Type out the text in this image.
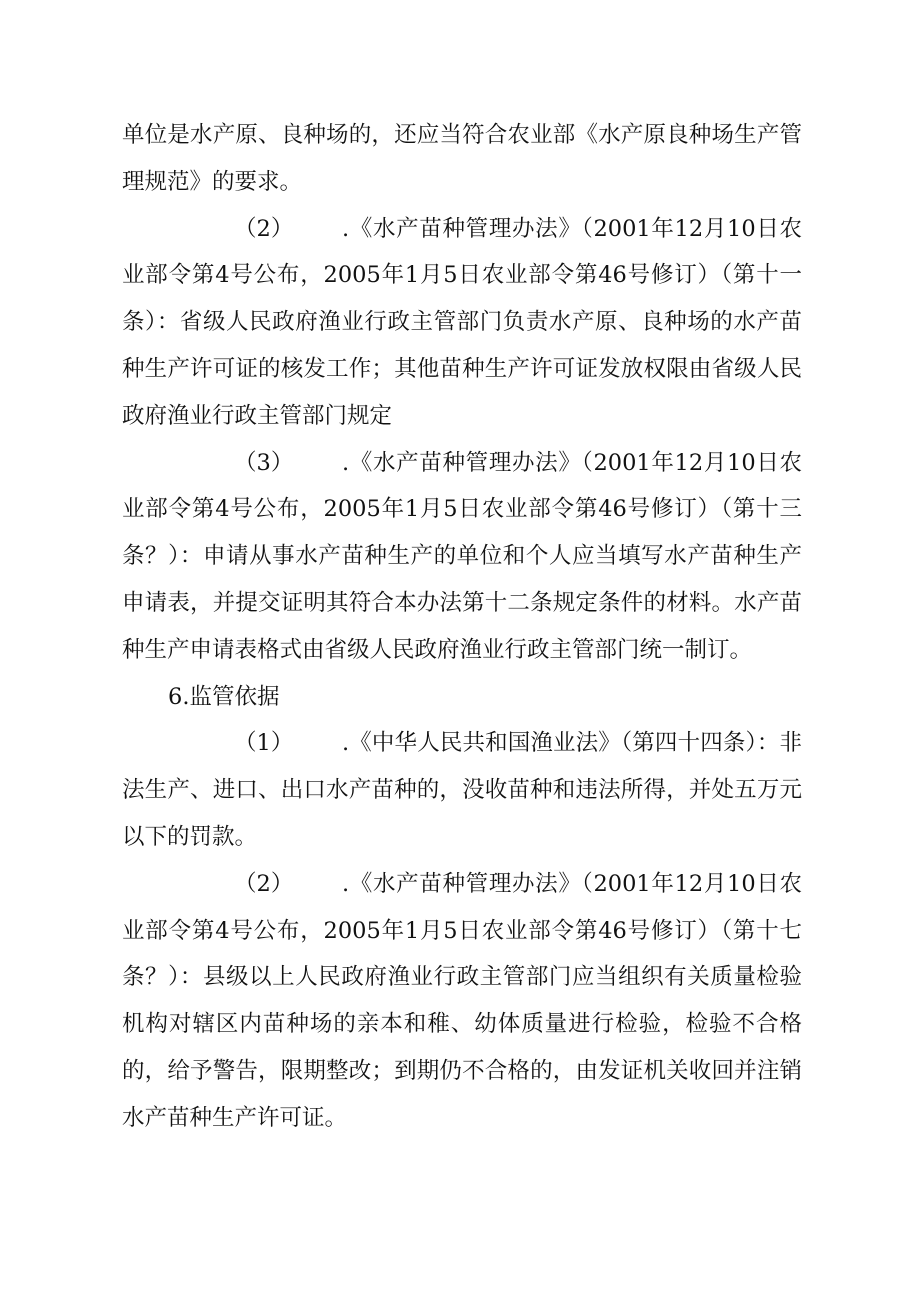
单位是水产原、良种场的，还应当符合农业部《水产原良种场生产管理规范》的要求。

（2） .《水产苗种管理办法》（2001年12月10日农业部令第4号公布，2005年1月5日农业部令第46号修订）（第十一条）：省级人民政府渔业行政主管部门负责水产原、良种场的水产苗种生产许可证的核发工作；其他苗种生产许可证发放权限由省级人民政府渔业行政主管部门规定

（3） .《水产苗种管理办法》（2001年12月10日农业部令第4号公布，2005年1月5日农业部令第46号修订）（第十三条？）：申请从事水产苗种生产的单位和个人应当填写水产苗种生产申请表，并提交证明其符合本办法第十二条规定条件的材料。水产苗种生产申请表格式由省级人民政府渔业行政主管部门统一制订。

6.监管依据

（1） .《中华人民共和国渔业法》（第四十四条）：非法生产、进口、出口水产苗种的，没收苗种和违法所得，并处五万元以下的罚款。

（2） .《水产苗种管理办法》（2001年12月10日农业部令第4号公布，2005年1月5日农业部令第46号修订）（第十七条？）：县级以上人民政府渔业行政主管部门应当组织有关质量检验机构对辖区内苗种场的亲本和稚、幼体质量进行检验，检验不合格的，给予警告，限期整改；到期仍不合格的，由发证机关收回并注销水产苗种生产许可证。
